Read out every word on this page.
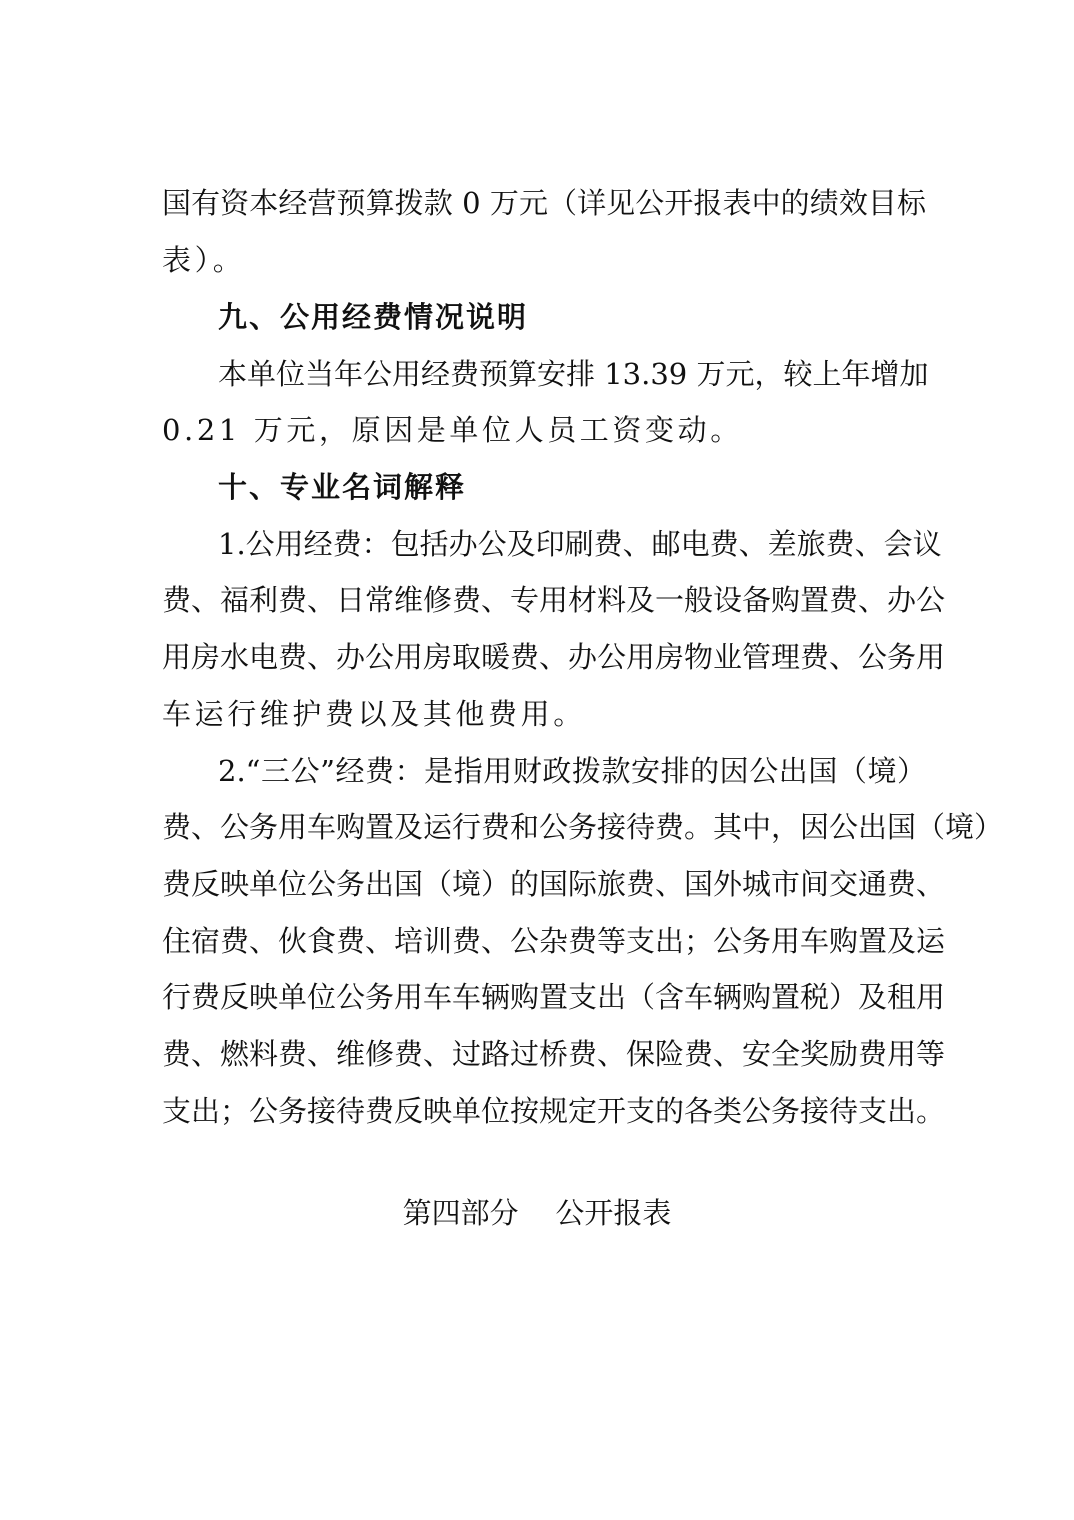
国有资本经营预算拨款 0 万元（详见公开报表中的绩效目标
表）。
九、公用经费情况说明
本单位当年公用经费预算安排 13.39 万元，较上年增加
0.21 万元，原因是单位人员工资变动。
十、专业名词解释
1.公用经费：包括办公及印刷费、邮电费、差旅费、会议
费、福利费、日常维修费、专用材料及一般设备购置费、办公
用房水电费、办公用房取暖费、办公用房物业管理费、公务用
车运行维护费以及其他费用。
2.“三公”经费：是指用财政拨款安排的因公出国（境）
费、公务用车购置及运行费和公务接待费。其中，因公出国（境）
费反映单位公务出国（境）的国际旅费、国外城市间交通费、
住宿费、伙食费、培训费、公杂费等支出；公务用车购置及运
行费反映单位公务用车车辆购置支出（含车辆购置税）及租用
费、燃料费、维修费、过路过桥费、保险费、安全奖励费用等
支出；公务接待费反映单位按规定开支的各类公务接待支出。
第四部分    公开报表
